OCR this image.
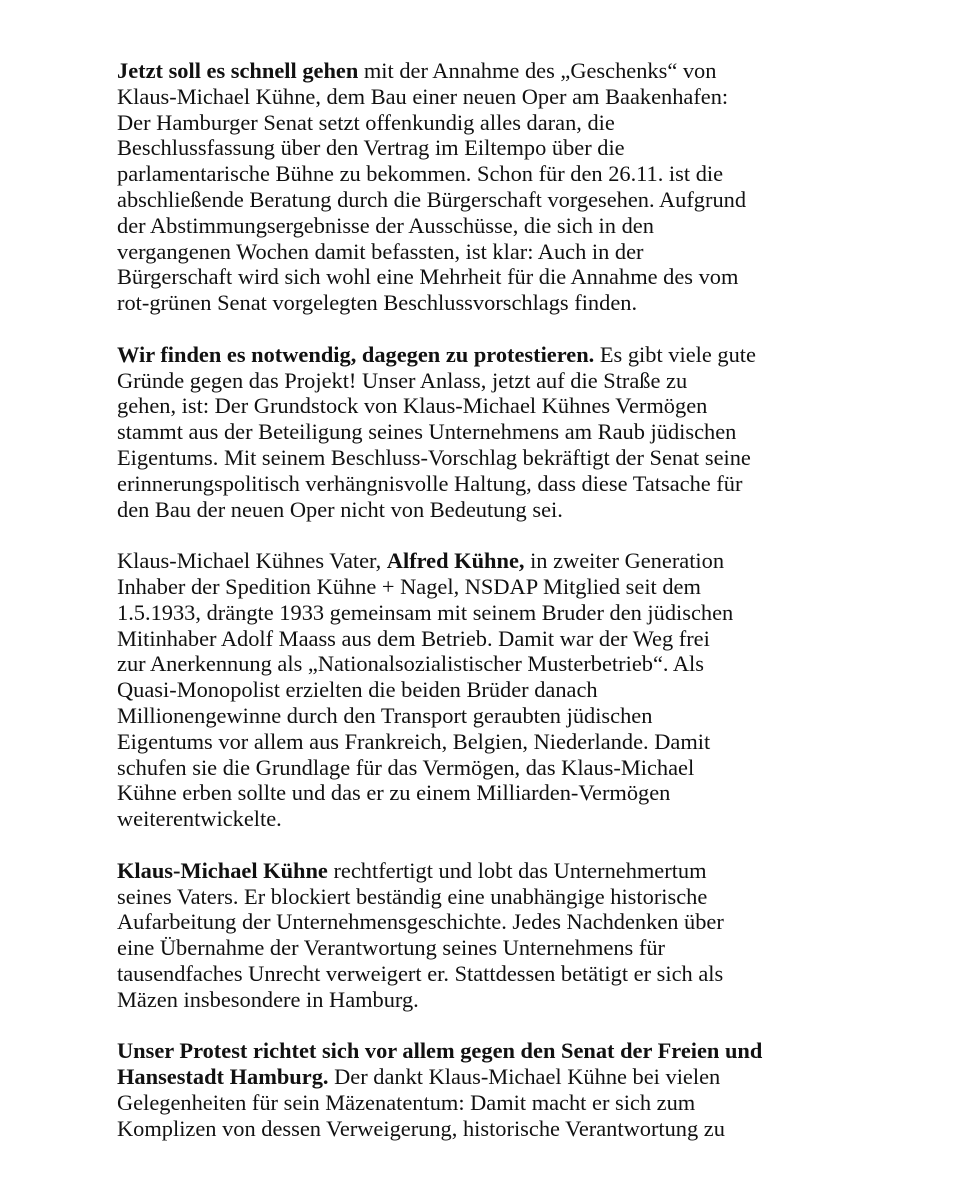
Jetzt soll es schnell gehen mit der Annahme des „Geschenks“ von
Klaus-Michael Kühne, dem Bau einer neuen Oper am Baakenhafen:
Der Hamburger Senat setzt offenkundig alles daran, die
Beschlussfassung über den Vertrag im Eiltempo über die
parlamentarische Bühne zu bekommen. Schon für den 26.11. ist die
abschließende Beratung durch die Bürgerschaft vorgesehen. Aufgrund
der Abstimmungsergebnisse der Ausschüsse, die sich in den
vergangenen Wochen damit befassten, ist klar: Auch in der
Bürgerschaft wird sich wohl eine Mehrheit für die Annahme des vom
rot-grünen Senat vorgelegten Beschlussvorschlags finden.

Wir finden es notwendig, dagegen zu protestieren. Es gibt viele gute
Gründe gegen das Projekt! Unser Anlass, jetzt auf die Straße zu
gehen, ist: Der Grundstock von Klaus-Michael Kühnes Vermögen
stammt aus der Beteiligung seines Unternehmens am Raub jüdischen
Eigentums. Mit seinem Beschluss-Vorschlag bekräftigt der Senat seine
erinnerungspolitisch verhängnisvolle Haltung, dass diese Tatsache für
den Bau der neuen Oper nicht von Bedeutung sei.

Klaus-Michael Kühnes Vater, Alfred Kühne, in zweiter Generation
Inhaber der Spedition Kühne + Nagel, NSDAP Mitglied seit dem
1.5.1933, drängte 1933 gemeinsam mit seinem Bruder den jüdischen
Mitinhaber Adolf Maass aus dem Betrieb. Damit war der Weg frei
zur Anerkennung als „Nationalsozialistischer Musterbetrieb“. Als
Quasi-Monopolist erzielten die beiden Brüder danach
Millionengewinne durch den Transport geraubten jüdischen
Eigentums vor allem aus Frankreich, Belgien, Niederlande. Damit
schufen sie die Grundlage für das Vermögen, das Klaus-Michael
Kühne erben sollte und das er zu einem Milliarden-Vermögen
weiterentwickelte.

Klaus-Michael Kühne rechtfertigt und lobt das Unternehmertum
seines Vaters. Er blockiert beständig eine unabhängige historische
Aufarbeitung der Unternehmensgeschichte. Jedes Nachdenken über
eine Übernahme der Verantwortung seines Unternehmens für
tausendfaches Unrecht verweigert er. Stattdessen betätigt er sich als
Mäzen insbesondere in Hamburg.

Unser Protest richtet sich vor allem gegen den Senat der Freien und
Hansestadt Hamburg. Der dankt Klaus-Michael Kühne bei vielen
Gelegenheiten für sein Mäzenatentum: Damit macht er sich zum
Komplizen von dessen Verweigerung, historische Verantwortung zu
